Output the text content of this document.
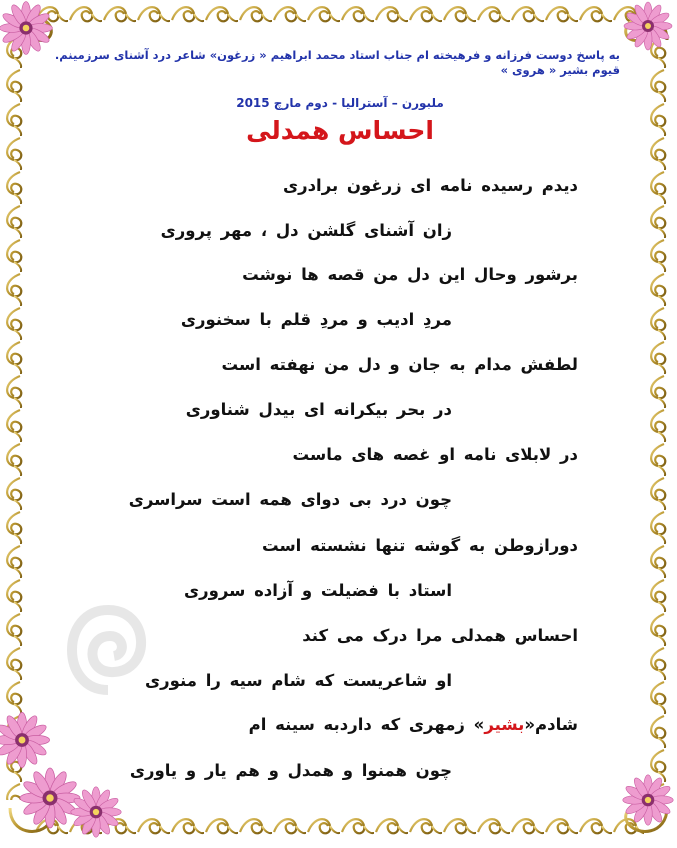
به پاسخ دوست فرزانه و فرهیخته ام جناب استاد محمد ابراهیم « زرغون» شاعر درد آشنای سرزمینم.
قیوم بشیر « هروی »
ملبورن – آسترالیا - دوم مارچ 2015
احساس همدلی
دیدم رسیده نامه ای زرغون برادری
زان آشنای گلشن دل ، مهر پروری
برشور وحال این دل من قصه ها نوشت
مردِ ادیب و مردِ قلم با سخنوری
لطفش مدام به جان و دل من نهفته است
در بحر بیکرانه ای بیدل شناوری
در لابلای نامه او غصه های ماست
چون درد بی دوای همه است سراسری
دورازوطن به گوشه تنها نشسته است
استاد با فضیلت و آزاده سروری
احساس همدلی مرا درک می کند
او شاعریست که شام سیه را منوری
شادم«بشیر» زمهری که داردبه سینه ام
چون همنوا و همدل و هم یار و یاوری
